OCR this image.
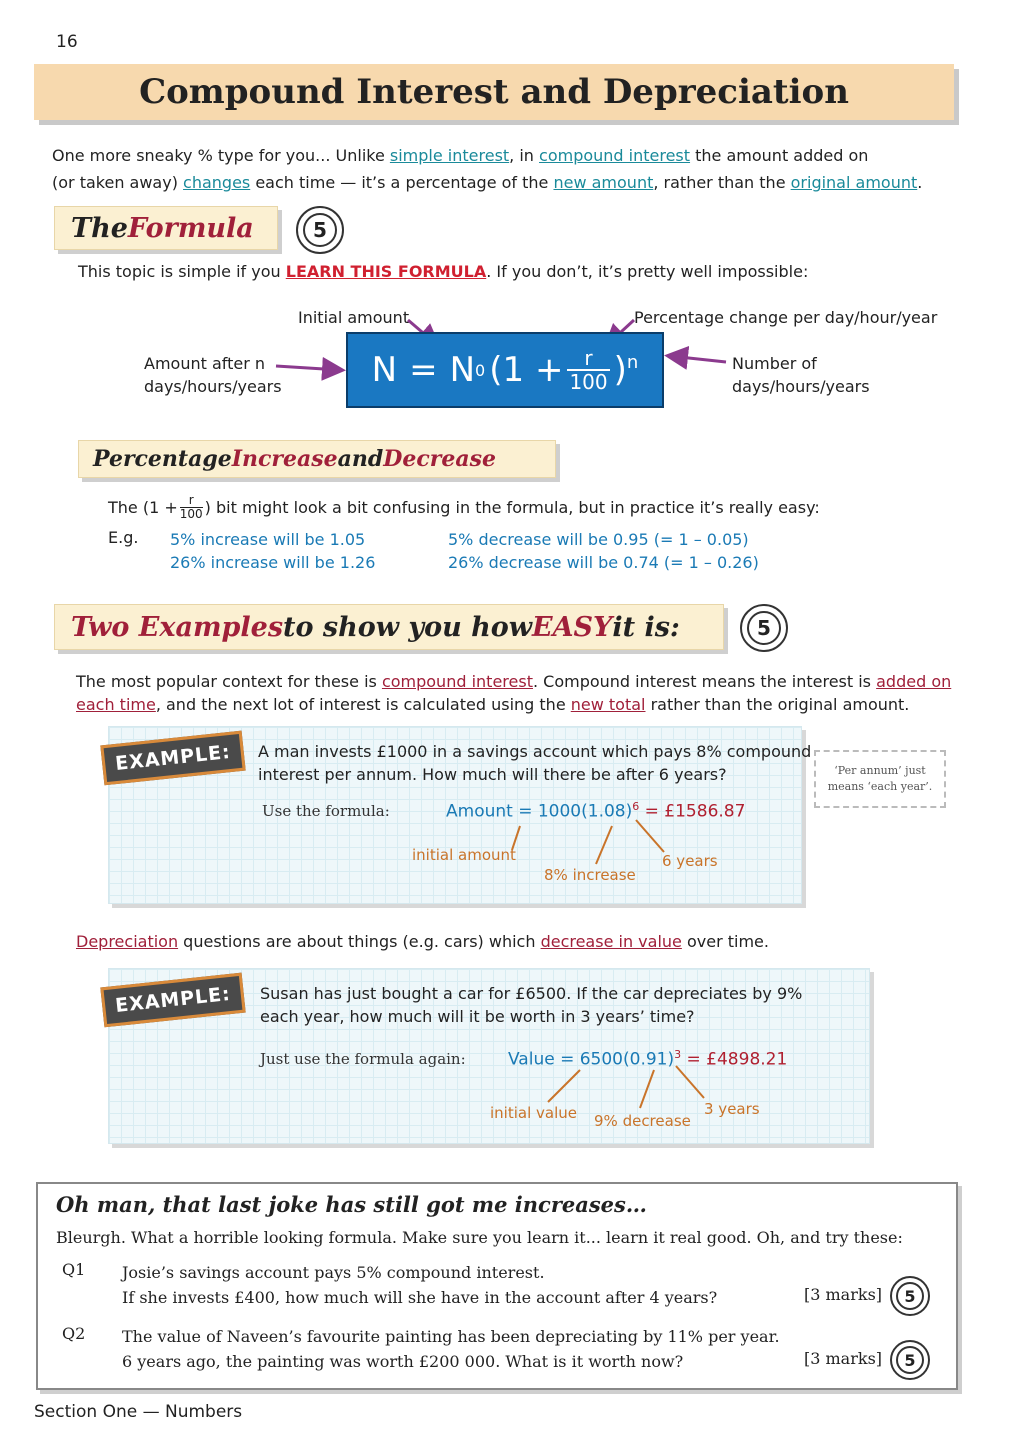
16
Compound Interest and Depreciation
One more sneaky % type for you... Unlike simple interest, in compound interest the amount added on
(or taken away) changes each time — it’s a percentage of the new amount, rather than the original amount.
The Formula	5
This topic is simple if you LEARN THIS FORMULA. If you don’t, it’s pretty well impossible:
Initial amount	Percentage change per day/hour/year
Amount after n
days/hours/years
Number of
days/hours/years
N = N 0 $(1 + \frac{r}{100} )^n$
Percentage Increase and Decrease
The ($1 + \frac{r}{100}$ ) bit might look a bit confusing in the formula, but in practice it’s really easy:
E.g. 5% increase will be 1.05
26% increase will be 1.26
5% decrease will be 0.95 (= 1 – 0.05)
26% decrease will be 0.74 (= 1 – 0.26)
Two Examples to show you how EASY it is:	5
The most popular context for these is compound interest. Compound interest means the interest is added on
each time, and the next lot of interest is calculated using the new total rather than the original amount.
EXAMPLE:	A man invests £1000 in a savings account which pays 8% compound
interest per annum. How much will there be after 6 years?
Use the formula:	Amount = $1000(1.08)^6$ = £1586.87
initial amount
8% increase
6 years
‘Per annum’ just
means ‘each year’.
Depreciation questions are about things (e.g. cars) which decrease in value over time.
EXAMPLE:	Susan has just bought a car for £6500. If the car depreciates by 9%
each year, how much will it be worth in 3 years’ time?
Just use the formula again: Value = $6500(0.91)^3$ = £4898.21
initial value 9% decrease
3 years
Oh man, that last joke has still got me increases…
Bleurgh. What a horrible looking formula. Make sure you learn it... learn it real good. Oh, and try these:
Q1 Josie’s savings account pays 5% compound interest.
If she invests £400, how much will she have in the account after 4 years?	[3 marks]	5
Q2 The value of Naveen’s favourite painting has been depreciating by 11% per year.
6 years ago, the painting was worth £200 000. What is it worth now?	[3 marks]	5
Section One — Numbers
